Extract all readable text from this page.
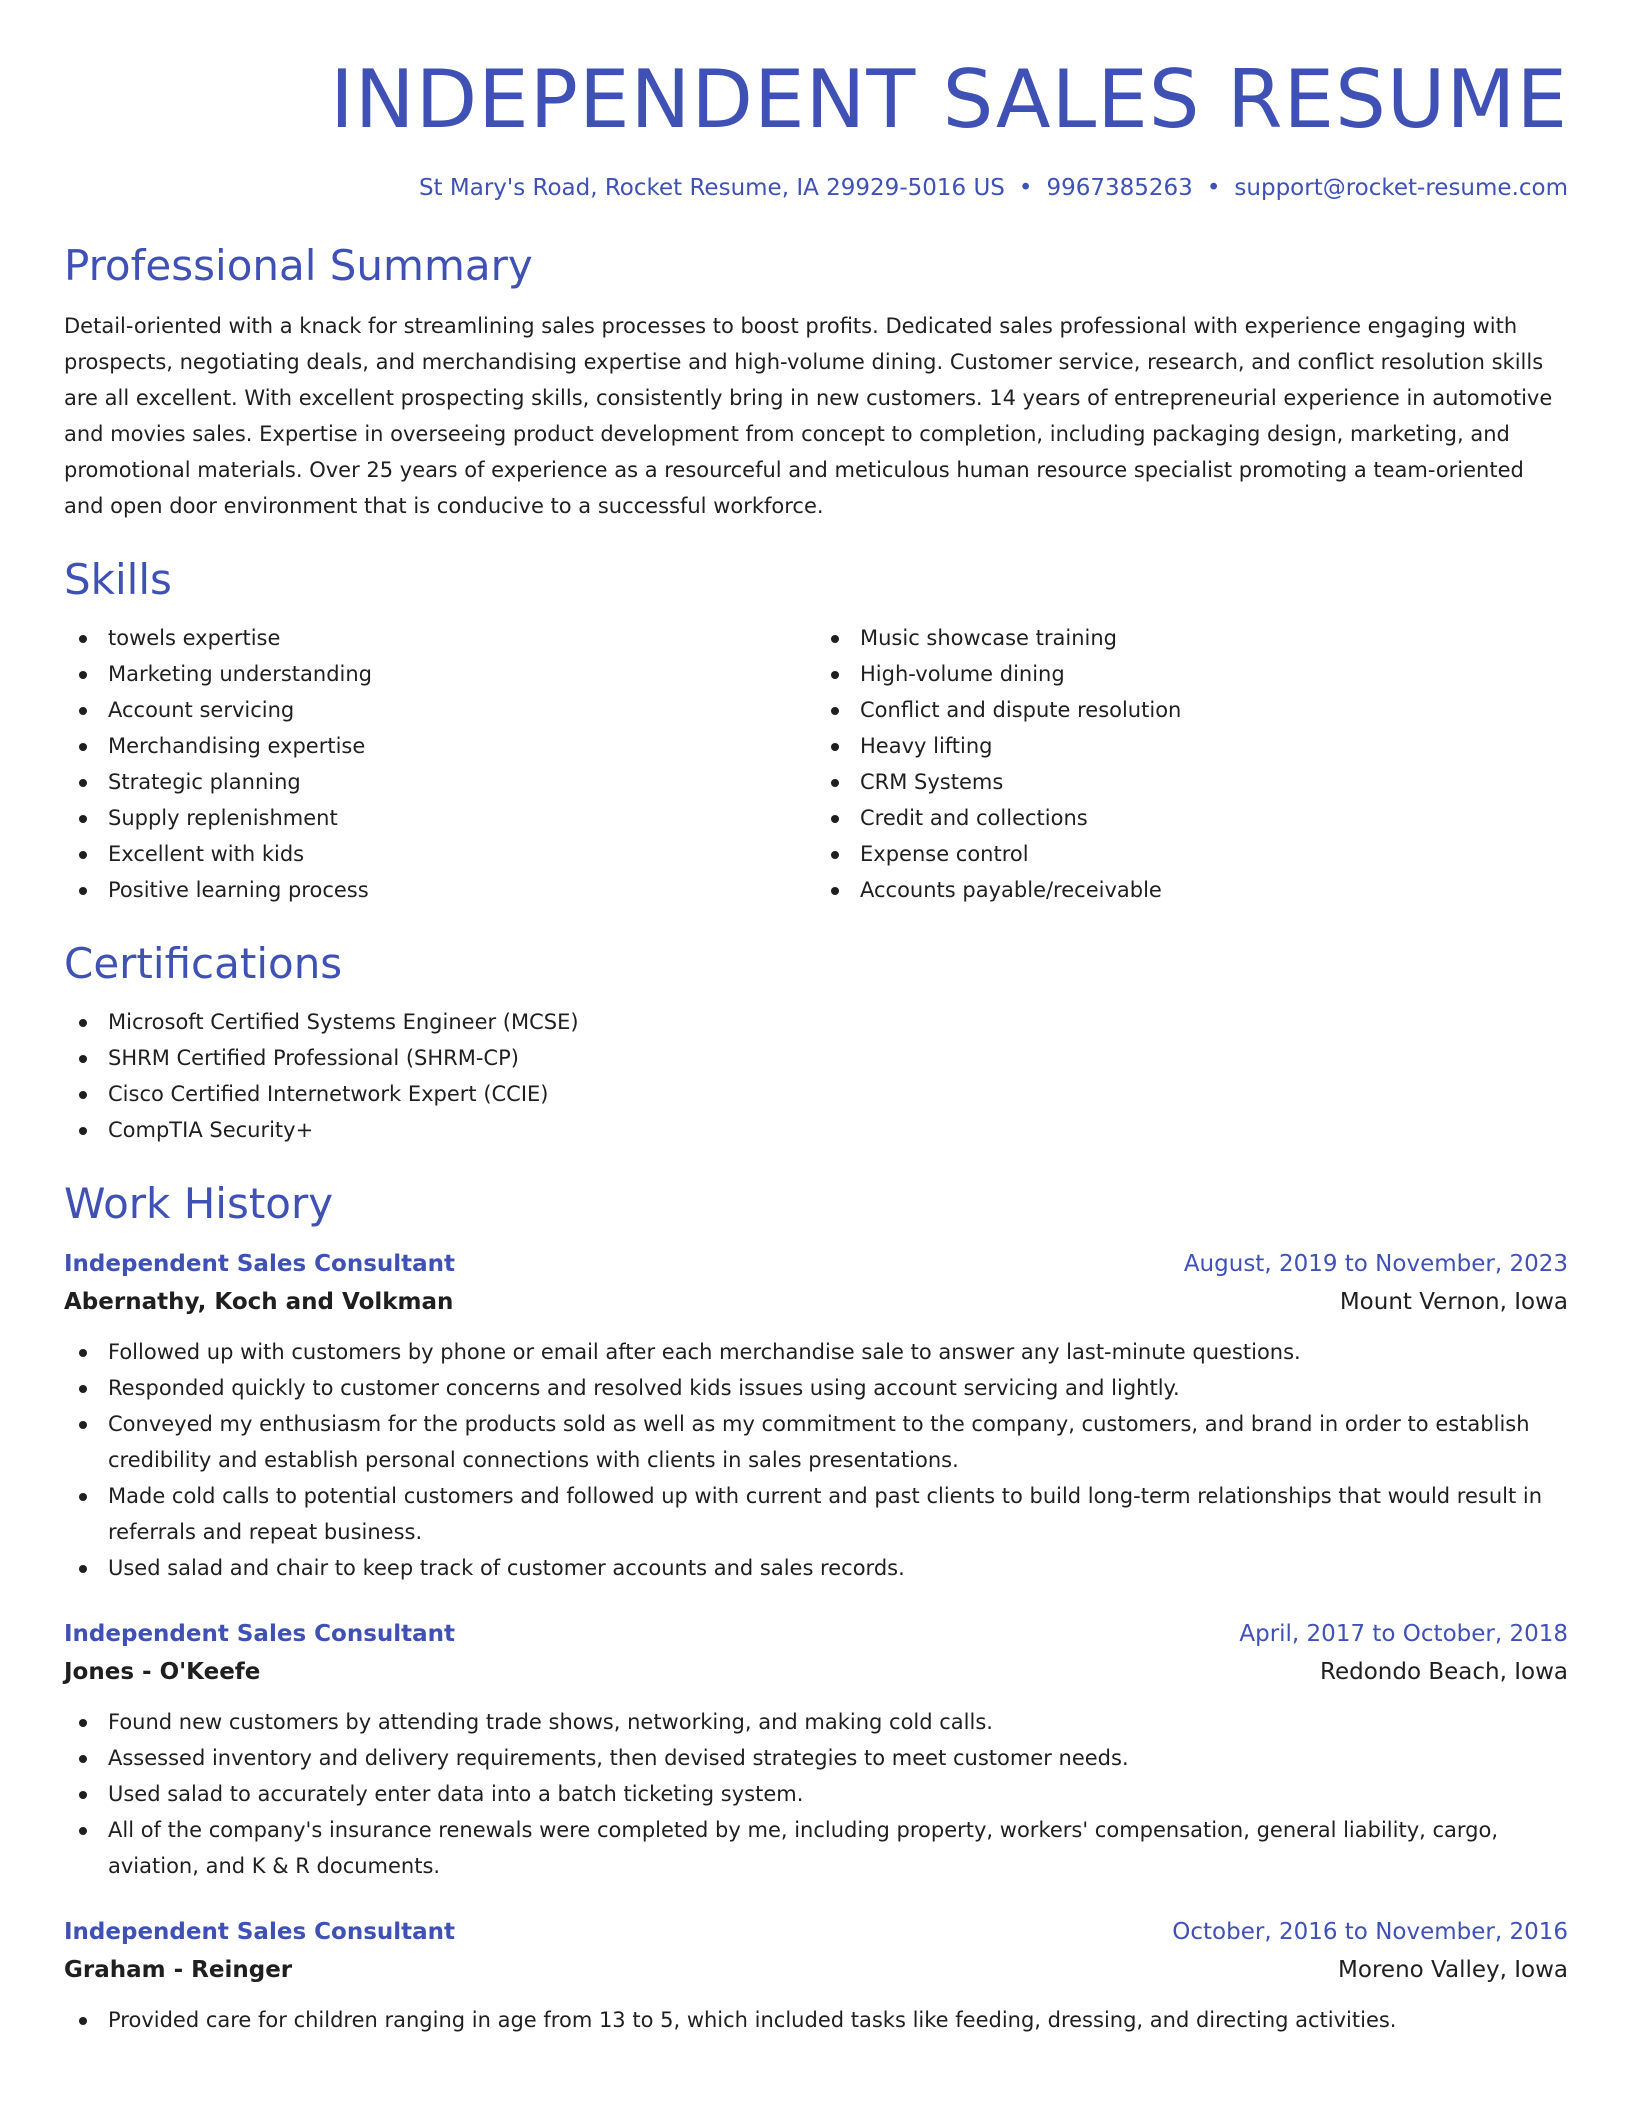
INDEPENDENT SALES RESUME
St Mary's Road, Rocket Resume, IA 29929-5016 US • 9967385263 • support@rocket-resume.com
Professional Summary
Detail-oriented with a knack for streamlining sales processes to boost profits. Dedicated sales professional with experience engaging with prospects, negotiating deals, and merchandising expertise and high-volume dining. Customer service, research, and conflict resolution skills are all excellent. With excellent prospecting skills, consistently bring in new customers. 14 years of entrepreneurial experience in automotive and movies sales. Expertise in overseeing product development from concept to completion, including packaging design, marketing, and promotional materials. Over 25 years of experience as a resourceful and meticulous human resource specialist promoting a team-oriented and open door environment that is conducive to a successful workforce.
Skills
towels expertise
Marketing understanding
Account servicing
Merchandising expertise
Strategic planning
Supply replenishment
Excellent with kids
Positive learning process
Music showcase training
High-volume dining
Conflict and dispute resolution
Heavy lifting
CRM Systems
Credit and collections
Expense control
Accounts payable/receivable
Certifications
Microsoft Certified Systems Engineer (MCSE)
SHRM Certified Professional (SHRM-CP)
Cisco Certified Internetwork Expert (CCIE)
CompTIA Security+
Work History
Independent Sales Consultant	August, 2019 to November, 2023
Abernathy, Koch and Volkman	Mount Vernon, Iowa
Followed up with customers by phone or email after each merchandise sale to answer any last-minute questions.
Responded quickly to customer concerns and resolved kids issues using account servicing and lightly.
Conveyed my enthusiasm for the products sold as well as my commitment to the company, customers, and brand in order to establish credibility and establish personal connections with clients in sales presentations.
Made cold calls to potential customers and followed up with current and past clients to build long-term relationships that would result in referrals and repeat business.
Used salad and chair to keep track of customer accounts and sales records.
Independent Sales Consultant	April, 2017 to October, 2018
Jones - O'Keefe	Redondo Beach, Iowa
Found new customers by attending trade shows, networking, and making cold calls.
Assessed inventory and delivery requirements, then devised strategies to meet customer needs.
Used salad to accurately enter data into a batch ticketing system.
All of the company's insurance renewals were completed by me, including property, workers' compensation, general liability, cargo, aviation, and K & R documents.
Independent Sales Consultant	October, 2016 to November, 2016
Graham - Reinger	Moreno Valley, Iowa
Provided care for children ranging in age from 13 to 5, which included tasks like feeding, dressing, and directing activities.
